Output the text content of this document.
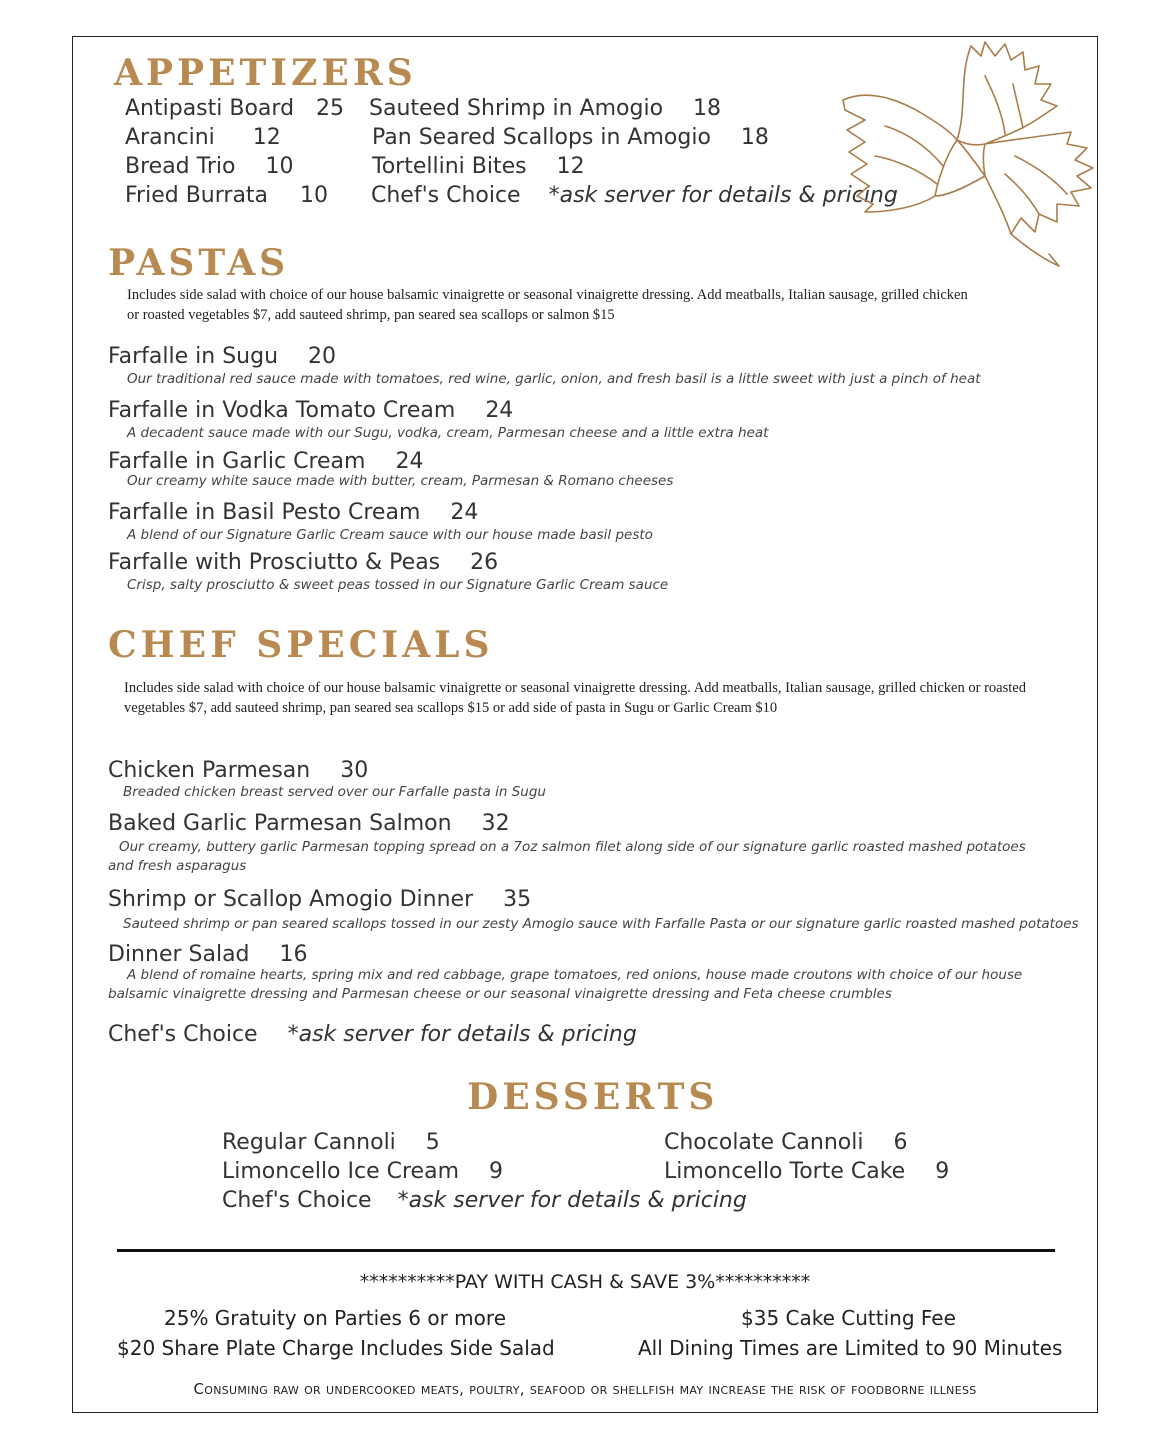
APPETIZERS
Antipasti Board 25
Arancini 12
Bread Trio 10
Fried Burrata 10
Sauteed Shrimp in Amogio 18
Pan Seared Scallops in Amogio 18
Tortellini Bites 12
Chef's Choice *ask server for details & pricing
PASTAS
Includes side salad with choice of our house balsamic vinaigrette or seasonal vinaigrette dressing. Add meatballs, Italian sausage, grilled chicken or roasted vegetables $7, add sauteed shrimp, pan seared sea scallops or salmon $15
Farfalle in Sugu 20
Our traditional red sauce made with tomatoes, red wine, garlic, onion, and fresh basil is a little sweet with just a pinch of heat
Farfalle in Vodka Tomato Cream 24
A decadent sauce made with our Sugu, vodka, cream, Parmesan cheese and a little extra heat
Farfalle in Garlic Cream 24
Our creamy white sauce made with butter, cream, Parmesan & Romano cheeses
Farfalle in Basil Pesto Cream 24
A blend of our Signature Garlic Cream sauce with our house made basil pesto
Farfalle with Prosciutto & Peas 26
Crisp, salty prosciutto & sweet peas tossed in our Signature Garlic Cream sauce
CHEF SPECIALS
Includes side salad with choice of our house balsamic vinaigrette or seasonal vinaigrette dressing. Add meatballs, Italian sausage, grilled chicken or roasted vegetables $7, add sauteed shrimp, pan seared sea scallops $15 or add side of pasta in Sugu or Garlic Cream $10
Chicken Parmesan 30
Breaded chicken breast served over our Farfalle pasta in Sugu
Baked Garlic Parmesan Salmon 32
Our creamy, buttery garlic Parmesan topping spread on a 7oz salmon filet along side of our signature garlic roasted mashed potatoes and fresh asparagus
Shrimp or Scallop Amogio Dinner 35
Sauteed shrimp or pan seared scallops tossed in our zesty Amogio sauce with Farfalle Pasta or our signature garlic roasted mashed potatoes
Dinner Salad 16
A blend of romaine hearts, spring mix and red cabbage, grape tomatoes, red onions, house made croutons with choice of our house balsamic vinaigrette dressing and Parmesan cheese or our seasonal vinaigrette dressing and Feta cheese crumbles
Chef's Choice *ask server for details & pricing
DESSERTS
Regular Cannoli 5	Chocolate Cannoli 6
Limoncello Ice Cream 9	Limoncello Torte Cake 9
Chef's Choice *ask server for details & pricing
**********PAY WITH CASH & SAVE 3%**********
25% Gratuity on Parties 6 or more	$35 Cake Cutting Fee
$20 Share Plate Charge Includes Side Salad	All Dining Times are Limited to 90 Minutes
Consuming raw or undercooked meats, poultry, seafood or shellfish may increase the risk of foodborne illness
